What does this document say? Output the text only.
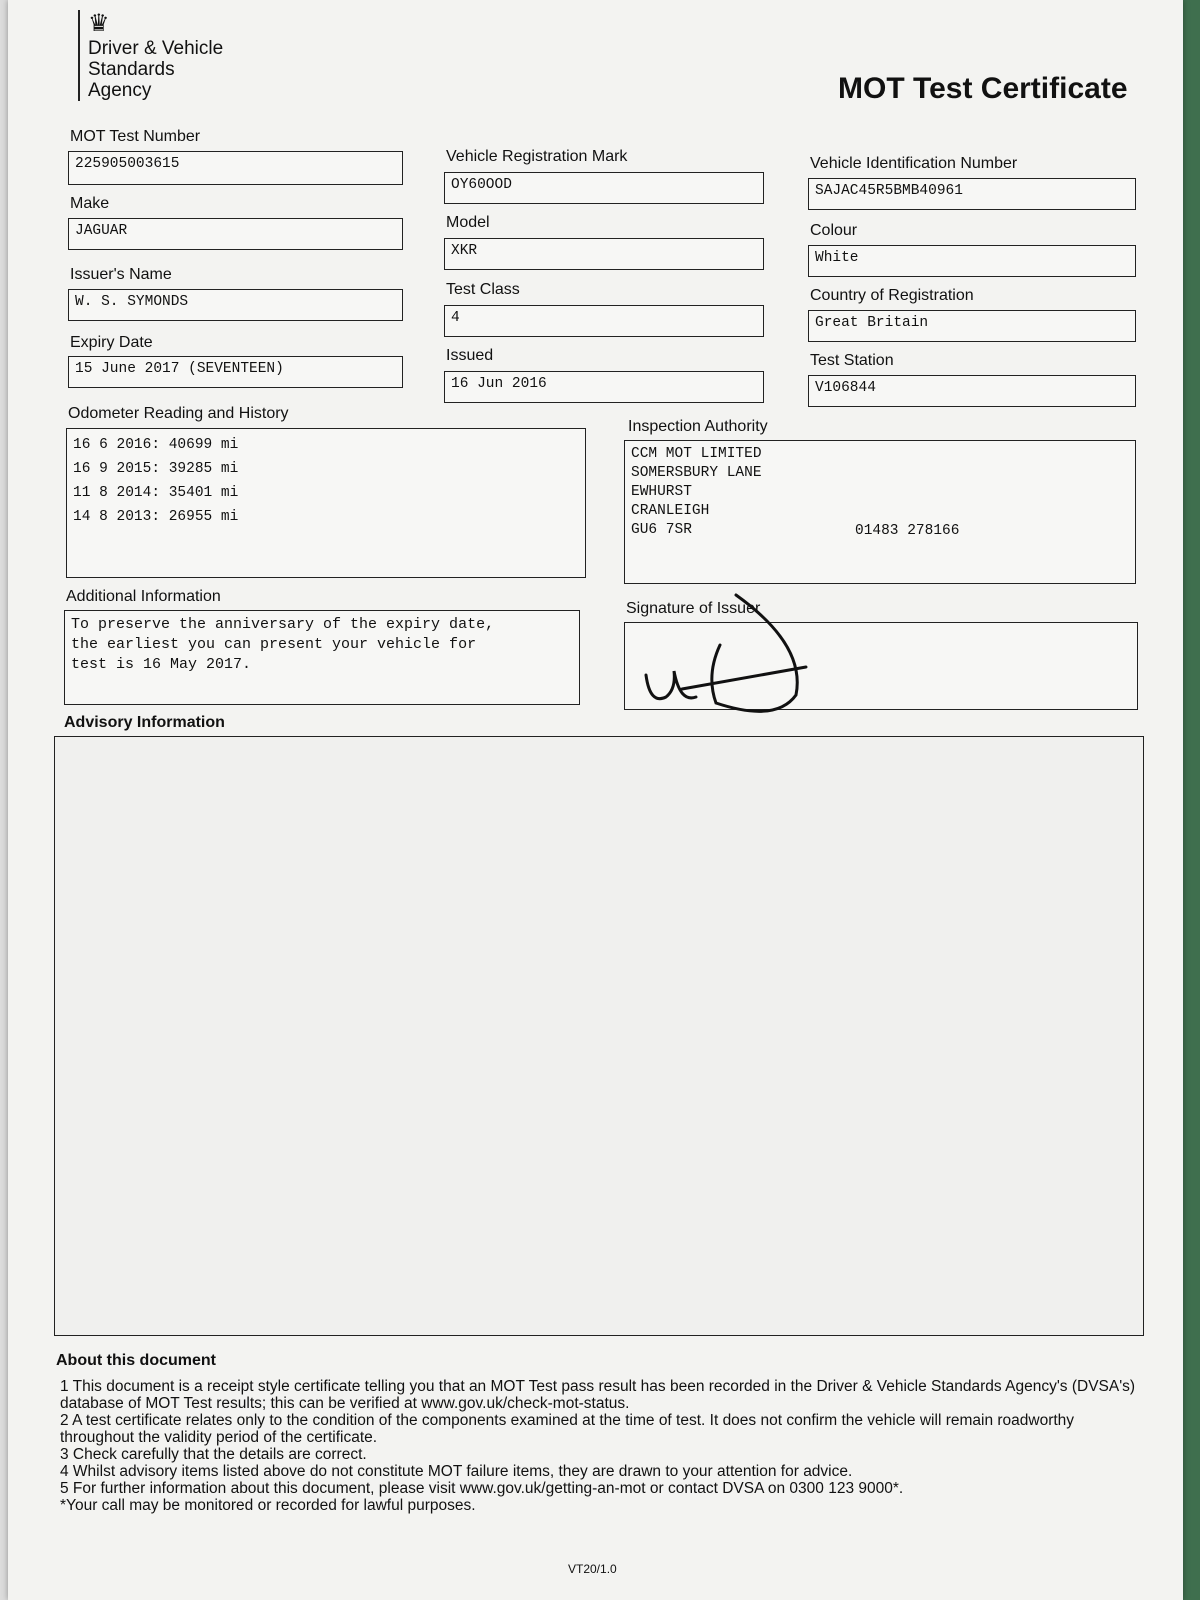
♛
Driver & Vehicle
Standards
Agency	MOT Test Certificate
MOT Test Number
225905003615
Make
JAGUAR
Issuer's Name
W. S. SYMONDS
Expiry Date
15 June 2017 (SEVENTEEN)
Vehicle Registration Mark
OY60OOD
Model
XKR
Test Class
4
Issued
16 Jun 2016
Vehicle Identification Number
SAJAC45R5BMB40961
Colour
White
Country of Registration
Great Britain
Test Station
V106844
Odometer Reading and History
16 6 2016: 40699 mi
16 9 2015: 39285 mi
11 8 2014: 35401 mi
14 8 2013: 26955 mi
Inspection Authority
CCM MOT LIMITED
SOMERSBURY LANE
EWHURST
CRANLEIGH
GU6 7SR	01483 278166
Additional Information
To preserve the anniversary of the expiry date,
the earliest you can present your vehicle for
test is 16 May 2017.
Signature of Issuer
Advisory Information
About this document

1 This document is a receipt style certificate telling you that an MOT Test pass result has been recorded in the Driver & Vehicle Standards Agency's (DVSA's) database of MOT Test results; this can be verified at www.gov.uk/check-mot-status.

2 A test certificate relates only to the condition of the components examined at the time of test. It does not confirm the vehicle will remain roadworthy throughout the validity period of the certificate.

3 Check carefully that the details are correct.

4 Whilst advisory items listed above do not constitute MOT failure items, they are drawn to your attention for advice.

5 For further information about this document, please visit www.gov.uk/getting-an-mot or contact DVSA on 0300 123 9000*.

*Your call may be monitored or recorded for lawful purposes.

VT20/1.0
